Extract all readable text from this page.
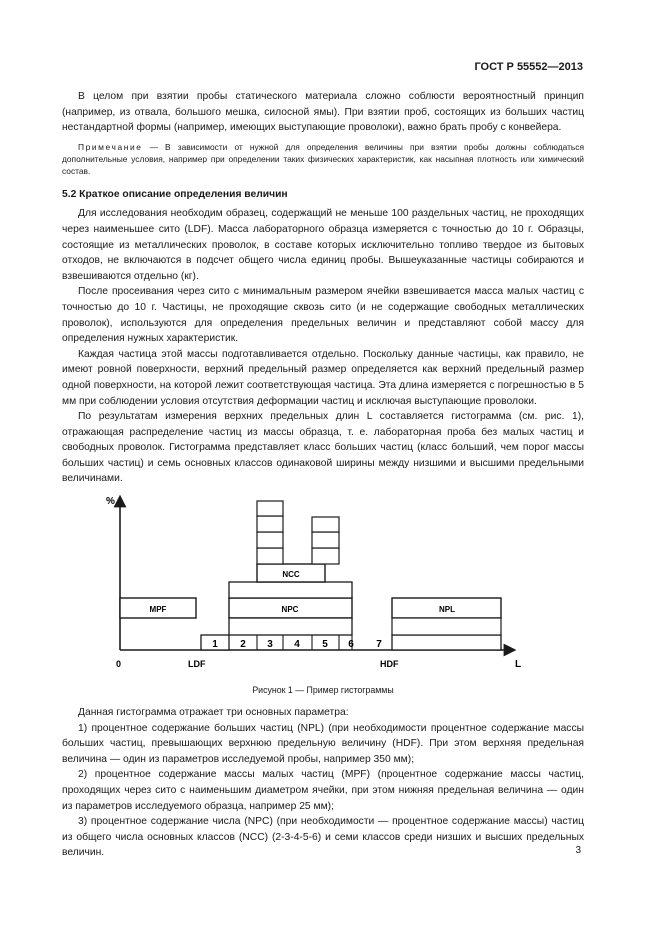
ГОСТ Р 55552—2013

В целом при взятии пробы статического материала сложно соблюсти вероятностный принцип (например, из отвала, большого мешка, силосной ямы). При взятии проб, состоящих из больших частиц нестандартной формы (например, имеющих выступающие проволоки), важно брать пробу с конвейера.

Примечание — В зависимости от нужной для определения величины при взятии пробы должны соблюдаться дополнительные условия, например при определении таких физических характеристик, как насыпная плотность или химический состав.

5.2 Краткое описание определения величин

Для исследования необходим образец, содержащий не меньше 100 раздельных частиц, не проходящих через наименьшее сито (LDF). Масса лабораторного образца измеряется с точностью до 10 г. Образцы, состоящие из металлических проволок, в составе которых исключительно топливо твердое из бытовых отходов, не включаются в подсчет общего числа единиц пробы. Вышеуказанные частицы собираются и взвешиваются отдельно (кг).

После просеивания через сито с минимальным размером ячейки взвешивается масса малых частиц с точностью до 10 г. Частицы, не проходящие сквозь сито (и не содержащие свободных металлических проволок), используются для определения предельных величин и представляют собой массу для определения нужных характеристик.

Каждая частица этой массы подготавливается отдельно. Поскольку данные частицы, как правило, не имеют ровной поверхности, верхний предельный размер определяется как верхний предельный размер одной поверхности, на которой лежит соответствующая частица. Эта длина измеряется с погрешностью в 5 мм при соблюдении условия отсутствия деформации частиц и исключая выступающие проволоки.

По результатам измерения верхних предельных длин L составляется гистограмма (см. рис. 1), отражающая распределение частиц из массы образца, т. е. лабораторная проба без малых частиц и свободных проволок. Гистограмма представляет класс больших частиц (класс больший, чем порог массы больших частиц) и семь основных классов одинаковой ширины между низшими и высшими предельными величинами.

%
L
0	LDF	HDF
MPF	NPC
NCC
1 2 3 4 5 6 7
NPL
Рисунок 1 — Пример гистограммы

Данная гистограмма отражает три основных параметра:

1) процентное содержание больших частиц (NPL) (при необходимости процентное содержание массы больших частиц, превышающих верхнюю предельную величину (HDF). При этом верхняя предельная величина — один из параметров исследуемой пробы, например 350 мм);

2) процентное содержание массы малых частиц (MPF) (процентное содержание массы частиц, проходящих через сито с наименьшим диаметром ячейки, при этом нижняя предельная величина — один из параметров исследуемого образца, например 25 мм);

3) процентное содержание числа (NPC) (при необходимости — процентное содержание массы) частиц из общего числа основных классов (NCC) (2-3-4-5-6) и семи классов среди низших и высших предельных величин.	3
